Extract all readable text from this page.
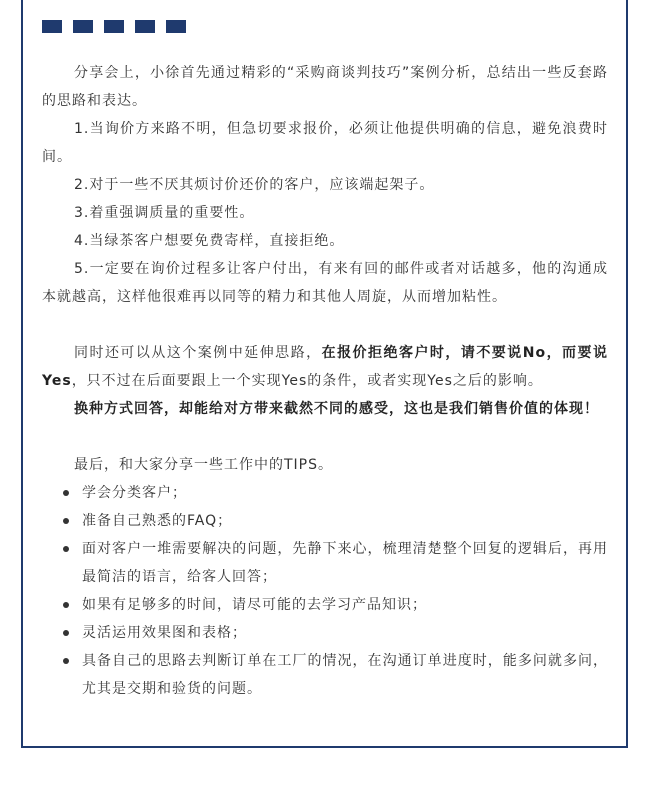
分享会上，小徐首先通过精彩的“采购商谈判技巧”案例分析，总结出一些反套路的思路和表达。

1.当询价方来路不明，但急切要求报价，必须让他提供明确的信息，避免浪费时间。

2.对于一些不厌其烦讨价还价的客户，应该端起架子。

3.着重强调质量的重要性。

4.当绿茶客户想要免费寄样，直接拒绝。

5.一定要在询价过程多让客户付出，有来有回的邮件或者对话越多，他的沟通成本就越高，这样他很难再以同等的精力和其他人周旋，从而增加粘性。

同时还可以从这个案例中延伸思路，在报价拒绝客户时，请不要说No，而要说Yes，只不过在后面要跟上一个实现Yes的条件，或者实现Yes之后的影响。

换种方式回答，却能给对方带来截然不同的感受，这也是我们销售价值的体现！

最后，和大家分享一些工作中的TIPS。

学会分类客户；
准备自己熟悉的FAQ；
面对客户一堆需要解决的问题，先静下来心，梳理清楚整个回复的逻辑后，再用最简洁的语言，给客人回答；
如果有足够多的时间，请尽可能的去学习产品知识；
灵活运用效果图和表格；
具备自己的思路去判断订单在工厂的情况，在沟通订单进度时，能多问就多问，尤其是交期和验货的问题。
